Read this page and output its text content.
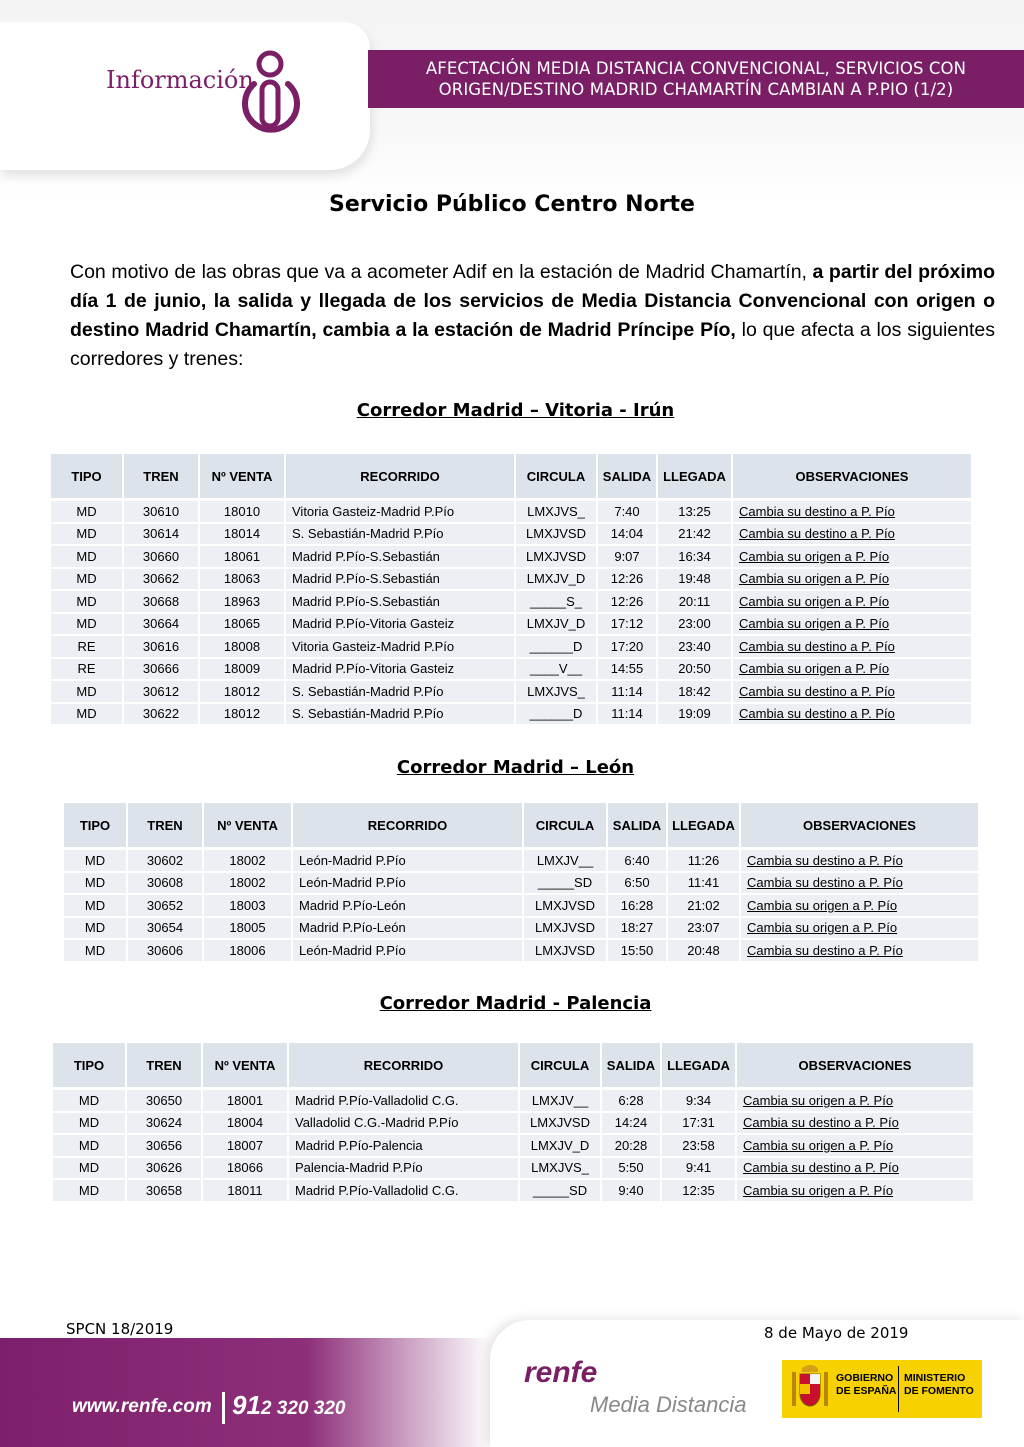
Información	AFECTACIÓN MEDIA DISTANCIA CONVENCIONAL, SERVICIOS CON
ORIGEN/DESTINO MADRID CHAMARTÍN CAMBIAN A P.PIO (1/2)
Servicio Público Centro Norte
Con motivo de las obras que va a acometer Adif en la estación de Madrid Chamartín, a partir del próximo día 1 de junio, la salida y llegada de los servicios de Media Distancia Convencional con origen o destino Madrid Chamartín, cambia a la estación de Madrid Príncipe Pío, lo que afecta a los siguientes corredores y trenes:
Corredor Madrid – Vitoria - Irún
TIPO	TREN	Nº VENTA	RECORRIDO	CIRCULA	SALIDA	LLEGADA	OBSERVACIONES
MD	30610	18010	Vitoria Gasteiz-Madrid P.Pío	LMXJVS_	7:40	13:25	Cambia su destino a P. Pío
MD	30614	18014	S. Sebastián-Madrid P.Pío	LMXJVSD	14:04	21:42	Cambia su destino a P. Pío
MD	30660	18061	Madrid P.Pío-S.Sebastián	LMXJVSD	9:07	16:34	Cambia su origen a P. Pío
MD	30662	18063	Madrid P.Pío-S.Sebastián	LMXJV_D	12:26	19:48	Cambia su origen a P. Pío
MD	30668	18963	Madrid P.Pío-S.Sebastián	_____S_	12:26	20:11	Cambia su origen a P. Pío
MD	30664	18065	Madrid P.Pío-Vitoria Gasteiz	LMXJV_D	17:12	23:00	Cambia su origen a P. Pío
RE	30616	18008	Vitoria Gasteiz-Madrid P.Pío	______D	17:20	23:40	Cambia su destino a P. Pío
RE	30666	18009	Madrid P.Pío-Vitoria Gasteiz	____V__	14:55	20:50	Cambia su origen a P. Pío
MD	30612	18012	S. Sebastián-Madrid P.Pío	LMXJVS_	11:14	18:42	Cambia su destino a P. Pío
MD	30622	18012	S. Sebastián-Madrid P.Pío	______D	11:14	19:09	Cambia su destino a P. Pío
Corredor Madrid – León
TIPO	TREN	Nº VENTA	RECORRIDO	CIRCULA	SALIDA	LLEGADA	OBSERVACIONES
MD	30602	18002	León-Madrid P.Pío	LMXJV__	6:40	11:26	Cambia su destino a P. Pío
MD	30608	18002	León-Madrid P.Pío	_____SD	6:50	11:41	Cambia su destino a P. Pío
MD	30652	18003	Madrid P.Pío-León	LMXJVSD	16:28	21:02	Cambia su origen a P. Pío
MD	30654	18005	Madrid P.Pío-León	LMXJVSD	18:27	23:07	Cambia su origen a P. Pío
MD	30606	18006	León-Madrid P.Pío	LMXJVSD	15:50	20:48	Cambia su destino a P. Pío
Corredor Madrid - Palencia
TIPO	TREN	Nº VENTA	RECORRIDO	CIRCULA	SALIDA	LLEGADA	OBSERVACIONES
MD	30650	18001	Madrid P.Pío-Valladolid C.G.	LMXJV__	6:28	9:34	Cambia su origen a P. Pío
MD	30624	18004	Valladolid C.G.-Madrid P.Pío	LMXJVSD	14:24	17:31	Cambia su destino a P. Pío
MD	30656	18007	Madrid P.Pío-Palencia	LMXJV_D	20:28	23:58	Cambia su origen a P. Pío
MD	30626	18066	Palencia-Madrid P.Pío	LMXJVS_	5:50	9:41	Cambia su destino a P. Pío
MD	30658	18011	Madrid P.Pío-Valladolid C.G.	_____SD	9:40	12:35	Cambia su origen a P. Pío
SPCN 18/2019	8 de Mayo de 2019
www.renfe.com 912 320 320
renfe
Media Distancia
GOBIERNO
DE ESPAÑA
MINISTERIO
DE FOMENTO
